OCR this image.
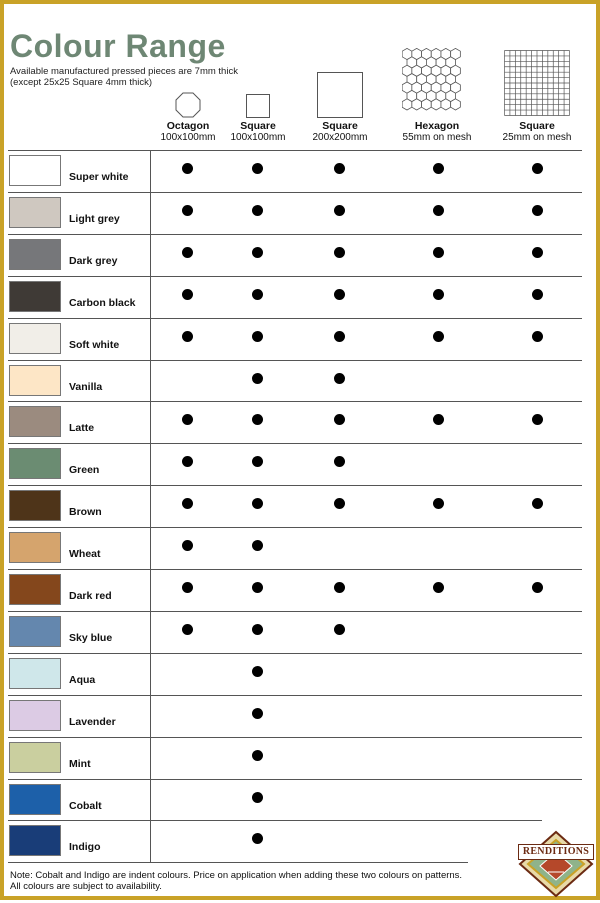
Colour Range
Available manufactured pressed pieces are 7mm thick
(except 25x25 Square 4mm thick)
Octagon
100x100mm
Square
100x100mm
Square
200x200mm
Hexagon
55mm on mesh
Square
25mm on mesh
Super white
Light grey
Dark grey
Carbon black
Soft white
Vanilla
Latte
Green
Brown
Wheat
Dark red
Sky blue
Aqua
Lavender
Mint
Cobalt
Indigo
Note: Cobalt and Indigo are indent colours. Price on application when adding these two colours on patterns.
All colours are subject to availability.
RENDITIONS
